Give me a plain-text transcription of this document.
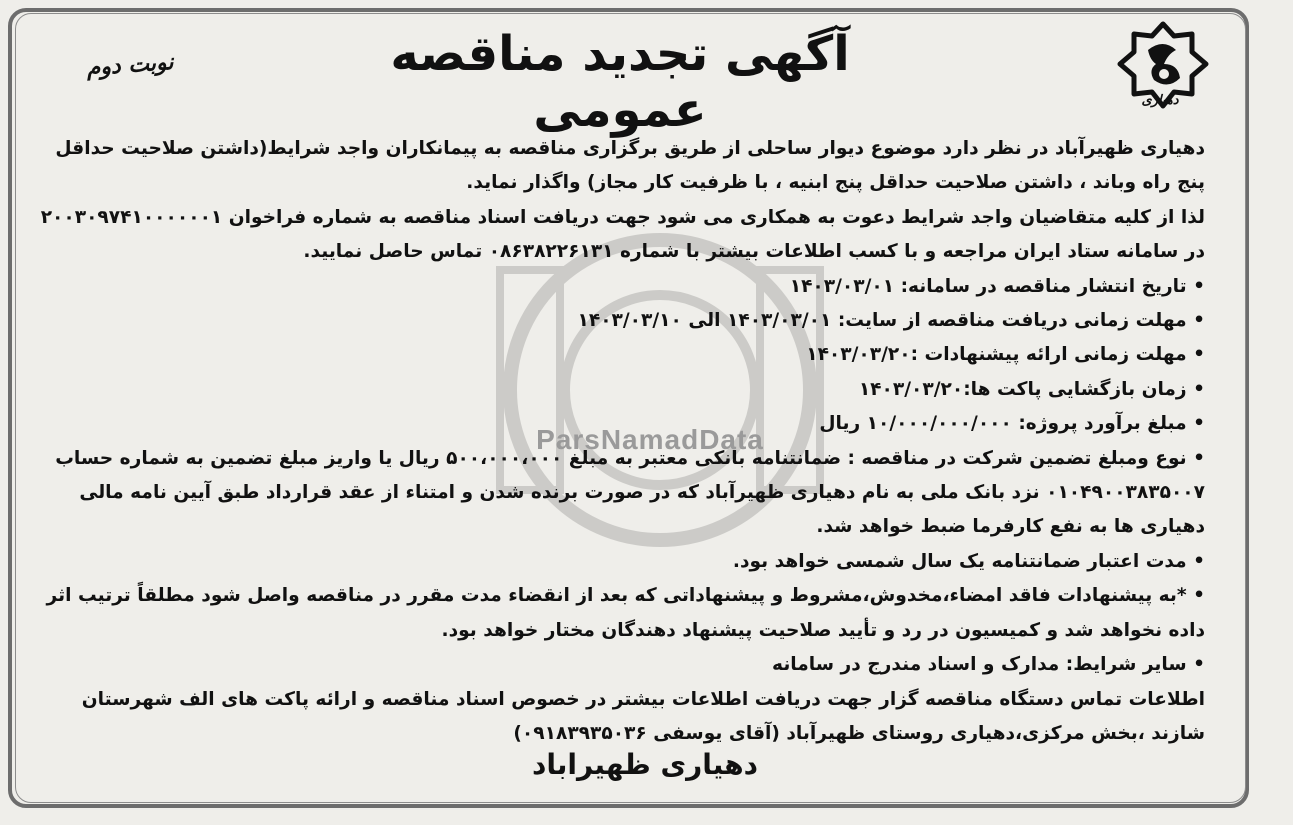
ParsNamadData
دهیاری
آگهی تجدید مناقصه عمومی
نوبت دوم

دهیاری ظهیرآباد در نظر دارد موضوع دیوار ساحلی از طریق برگزاری مناقصه به پیمانکاران واجد شرایط(داشتن صلاحیت حداقل پنج راه وباند ، داشتن صلاحیت حداقل پنج ابنیه ، با ظرفیت کار مجاز) واگذار نماید.

لذا از کلیه متقاضیان واجد شرایط دعوت به همکاری می شود جهت دریافت اسناد مناقصه به شماره فراخوان ۲۰۰۳۰۹۷۴۱۰۰۰۰۰۰۱ در سامانه ستاد ایران مراجعه و با کسب اطلاعات بیشتر با شماره ۰۸۶۳۸۲۲۶۱۳۱ تماس حاصل نمایید.

• تاریخ انتشار مناقصه در سامانه: ۱۴۰۳/۰۳/۰۱
• مهلت زمانی دریافت مناقصه از سایت: ۱۴۰۳/۰۳/۰۱ الی ۱۴۰۳/۰۳/۱۰
• مهلت زمانی ارائه پیشنهادات :۱۴۰۳/۰۳/۲۰
• زمان بازگشایی پاکت ها:۱۴۰۳/۰۳/۲۰
• مبلغ برآورد پروژه: ۱۰/۰۰۰/۰۰۰/۰۰۰ ریال
• نوع ومبلغ تضمین شرکت در مناقصه : ضمانتنامه بانکی معتبر به مبلغ ۵۰۰،۰۰۰،۰۰۰ ریال یا واریز مبلغ تضمین به شماره حساب ۰۱۰۴۹۰۰۳۸۳۵۰۰۷ نزد بانک ملی به نام دهیاری ظهیرآباد که در صورت برنده شدن و امتناء از عقد قرارداد طبق آیین نامه مالی دهیاری ها به نفع کارفرما ضبط خواهد شد.
• مدت اعتبار ضمانتنامه یک سال شمسی خواهد بود.
• *به پیشنهادات فاقد امضاء،مخدوش،مشروط و پیشنهاداتی که بعد از انقضاء مدت مقرر در مناقصه واصل شود مطلقاً ترتیب اثر داده نخواهد شد و کمیسیون در رد و تأیید صلاحیت پیشنهاد دهندگان مختار خواهد بود.
• سایر شرایط: مدارک و اسناد مندرج در سامانه

اطلاعات تماس دستگاه مناقصه گزار جهت دریافت اطلاعات بیشتر در خصوص اسناد مناقصه و ارائه پاکت های الف شهرستان شازند ،بخش مرکزی،دهیاری روستای ظهیرآباد (آقای یوسفی ۰۹۱۸۳۹۳۵۰۳۶)

دهیاری ظهیراباد
